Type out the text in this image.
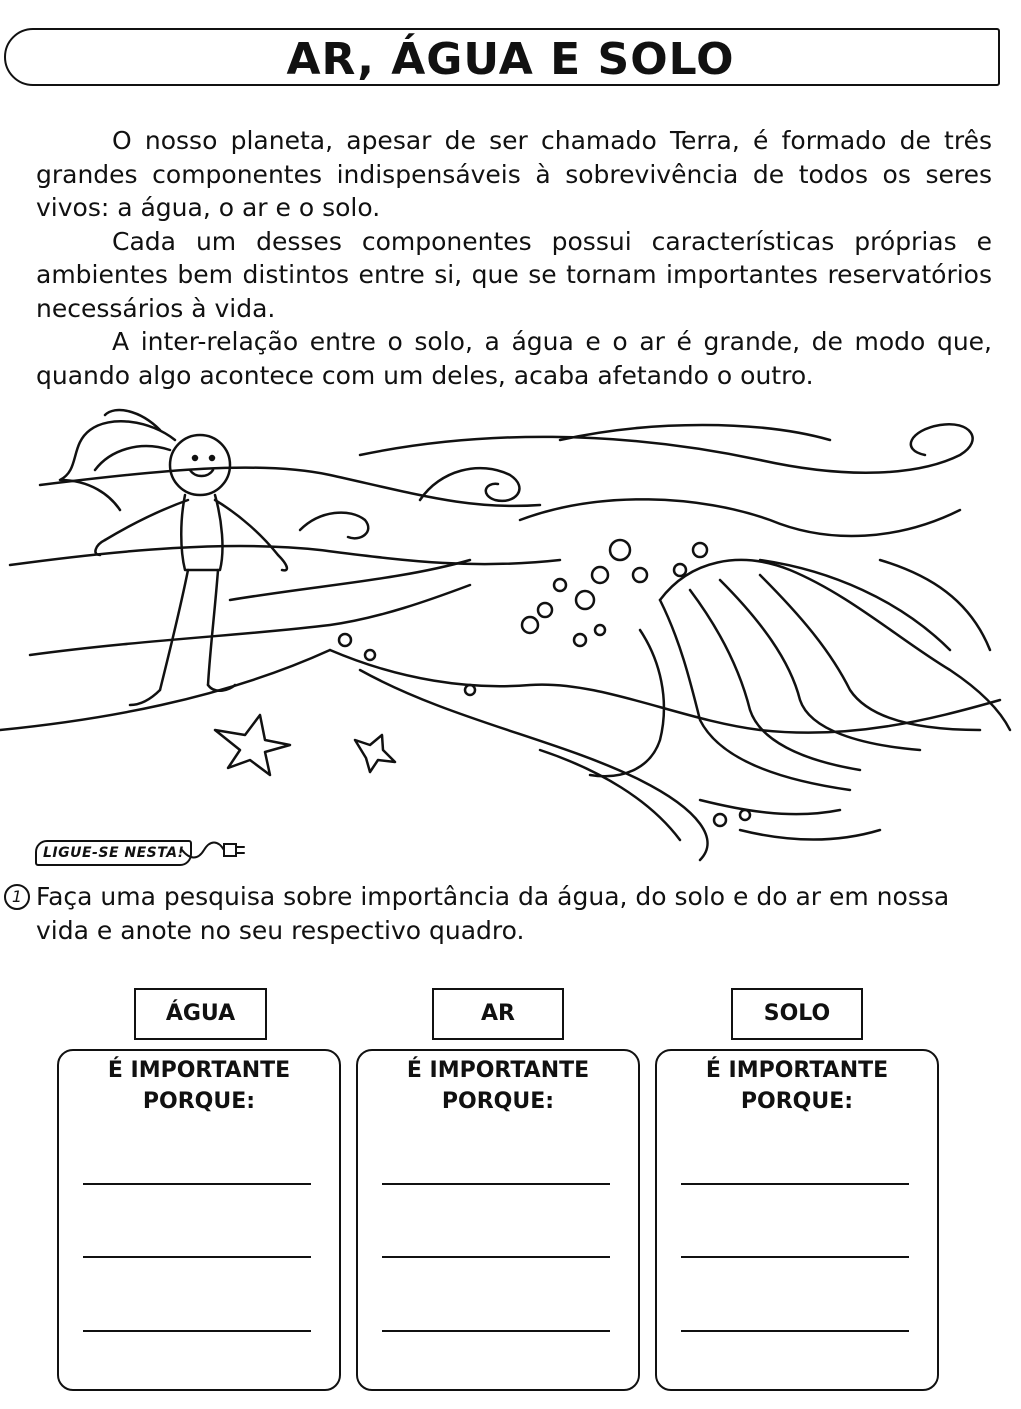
AR, ÁGUA E SOLO

O nosso planeta, apesar de ser chamado Terra, é formado de três grandes componentes indispensáveis à sobrevivência de todos os seres vivos: a água, o ar e o solo.

Cada um desses componentes possui características próprias e ambientes bem distintos entre si, que se tornam importantes reservatórios necessários à vida.

A inter-relação entre o solo, a água e o ar é grande, de modo que, quando algo acontece com um deles, acaba afetando o outro.

LIGUE-SE NESTA!
1 Faça uma pesquisa sobre importância da água, do solo e do ar em nossa vida e anote no seu respectivo quadro.
ÁGUA	AR	SOLO
É IMPORTANTE
PORQUE:
É IMPORTANTE
PORQUE:
É IMPORTANTE
PORQUE:
